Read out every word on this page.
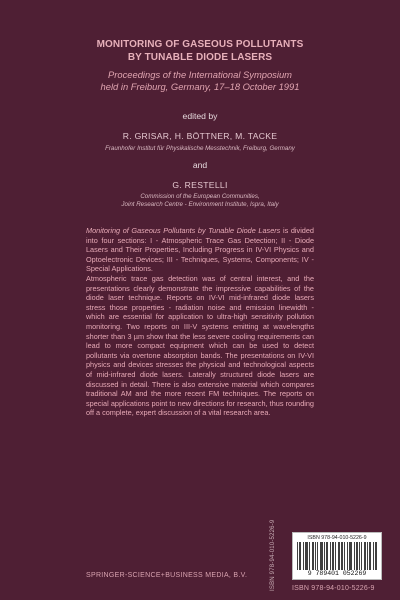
MONITORING OF GASEOUS POLLUTANTS
BY TUNABLE DIODE LASERS
Proceedings of the International Symposium
held in Freiburg, Germany, 17–18 October 1991
edited by
R. GRISAR, H. BÖTTNER, M. TACKE
Fraunhofer Institut für Physikalische Messtechnik, Freiburg, Germany
and
G. RESTELLI
Commission of the European Communities,
Joint Research Centre - Environment Institute, Ispra, Italy

Monitoring of Gaseous Pollutants by Tunable Diode Lasers is divided into four sections: I - Atmospheric Trace Gas Detection; II - Diode Lasers and Their Properties, Including Progress in IV-VI Physics and Optoelectronic Devices; III - Techniques, Systems, Components; IV - Special Applications.

Atmospheric trace gas detection was of central interest, and the presentations clearly demonstrate the impressive capabilities of the diode laser technique. Reports on IV-VI mid-infrared diode lasers stress those properties - radiation noise and emission linewidth - which are essential for application to ultra-high sensitivity pollution monitoring. Two reports on III-V systems emitting at wavelengths shorter than 3 µm show that the less severe cooling requirements can lead to more compact equipment which can be used to detect pollutants via overtone absorption bands. The presentations on IV-VI physics and devices stresses the physical and technological aspects of mid-infrared diode lasers. Laterally structured diode lasers are discussed in detail. There is also extensive material which compares traditional AM and the more recent FM techniques. The reports on special applications point to new directions for research, thus rounding off a complete, expert discussion of a vital research area.

ISBN 978-94-010-5226-9
9 789401 052269
ISBN 978-94-010-5226-9
SPRINGER-SCIENCE+BUSINESS MEDIA, B.V.
ISBN 978-94-010-5226-9
